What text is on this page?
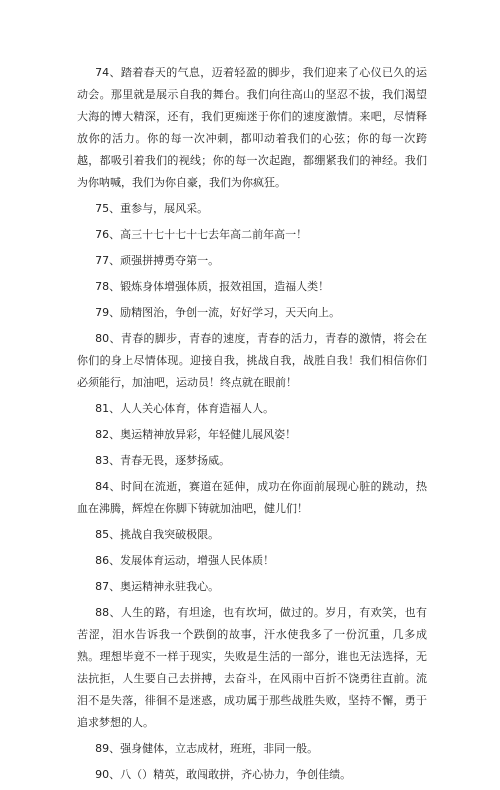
74、踏着春天的气息，迈着轻盈的脚步，我们迎来了心仪已久的运动会。那里就是展示自我的舞台。我们向往高山的坚忍不拔，我们渴望大海的博大精深，还有，我们更痴迷于你们的速度激情。来吧，尽情释放你的活力。你的每一次冲刺，都叩动着我们的心弦；你的每一次跨越，都吸引着我们的视线；你的每一次起跑，都绷紧我们的神经。我们为你呐喊，我们为你自豪，我们为你疯狂。

75、重参与，展风采。

76、高三十七十七十七去年高二前年高一！

77、顽强拼搏勇夺第一。

78、锻炼身体增强体质，报效祖国，造福人类！

79、励精图治，争创一流，好好学习，天天向上。

80、青春的脚步，青春的速度，青春的活力，青春的激情，将会在你们的身上尽情体现。迎接自我，挑战自我，战胜自我！我们相信你们必须能行，加油吧，运动员！终点就在眼前！

81、人人关心体育，体育造福人人。

82、奥运精神放异彩，年轻健儿展风姿！

83、青春无畏，逐梦扬威。

84、时间在流逝，赛道在延伸，成功在你面前展现心脏的跳动，热血在沸腾，辉煌在你脚下铸就加油吧，健儿们！

85、挑战自我突破极限。

86、发展体育运动，增强人民体质！

87、奥运精神永驻我心。

88、人生的路，有坦途，也有坎坷，做过的。岁月，有欢笑，也有苦涩，泪水告诉我一个跌倒的故事，汗水使我多了一份沉重，几多成熟。理想毕竟不一样于现实，失败是生活的一部分，谁也无法选择，无法抗拒，人生要自己去拼搏，去奋斗，在风雨中百折不饶勇往直前。流泪不是失落，徘徊不是迷惑，成功属于那些战胜失败，坚持不懈，勇于追求梦想的人。

89、强身健体，立志成材，班班，非同一般。

90、八（）精英，敢闯敢拼，齐心协力，争创佳绩。
